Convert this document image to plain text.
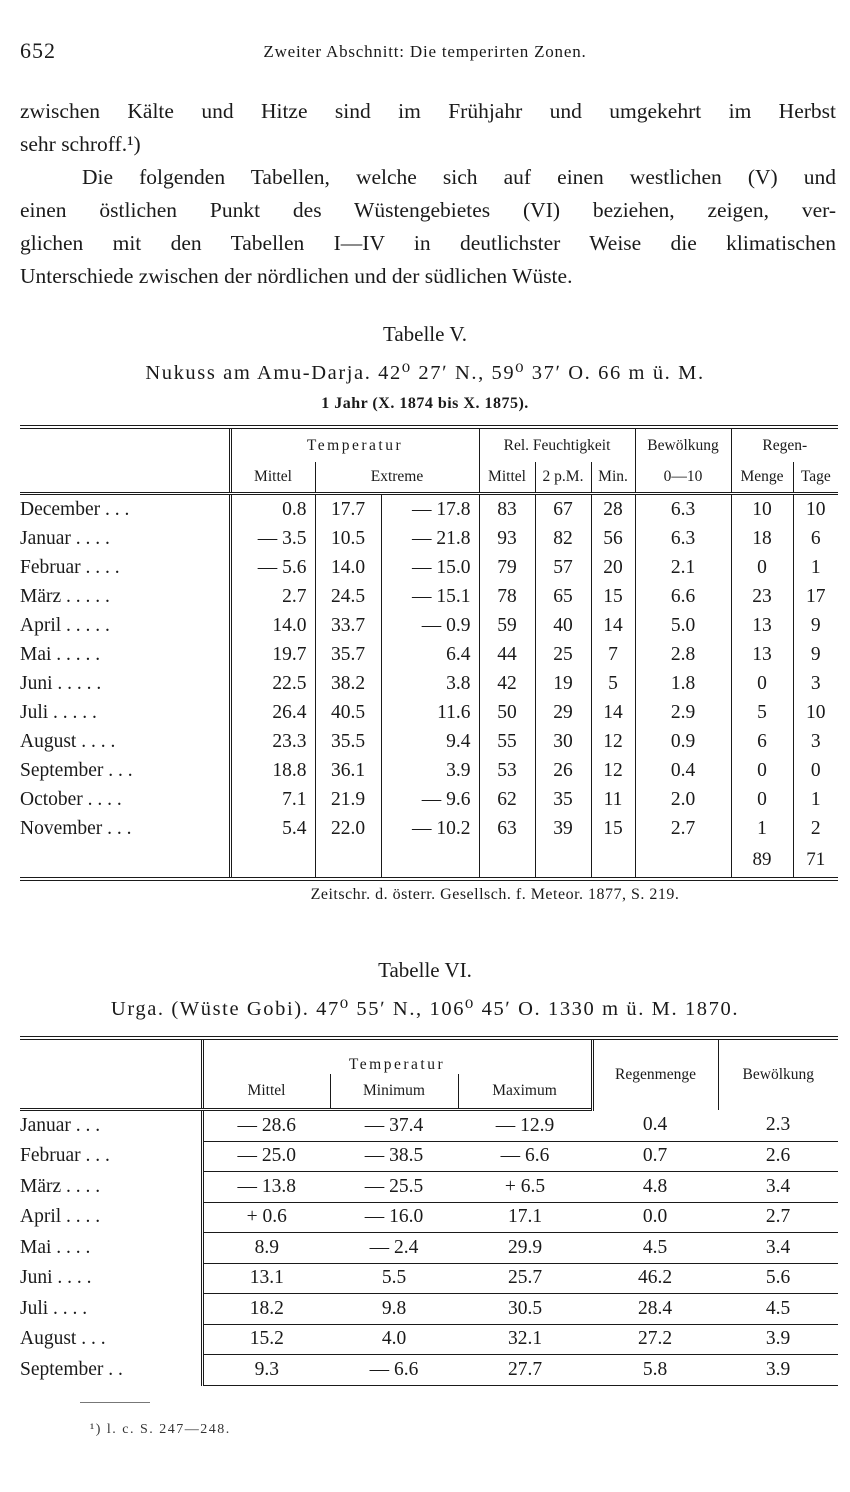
652	Zweiter Abschnitt: Die temperirten Zonen.
zwischen Kälte und Hitze sind im Frühjahr und umgekehrt im Herbst
sehr schroff.¹)
Die folgenden Tabellen, welche sich auf einen westlichen (V) und
einen östlichen Punkt des Wüstengebietes (VI) beziehen, zeigen, ver-
glichen mit den Tabellen I—IV in deutlichster Weise die klimatischen
Unterschiede zwischen der nördlichen und der südlichen Wüste.
Tabelle V.
Nukuss am Amu-Darja. 42⁰ 27ʹ N., 59⁰ 37ʹ O. 66 m ü. M.
1 Jahr (X. 1874 bis X. 1875).
	Temperatur			Rel. Feuchtigkeit			Bewölkung	Regen-	
	Mittel	Extreme		Mittel	2 p.M.	Min.	0—10	Menge	Tage
December . . .	0.8	17.7	— 17.8	83	67	28	6.3	10	10
Januar . . . .	— 3.5	10.5	— 21.8	93	82	56	6.3	18	6
Februar . . . .	— 5.6	14.0	— 15.0	79	57	20	2.1	0	1
März . . . . .	2.7	24.5	— 15.1	78	65	15	6.6	23	17
April . . . . .	14.0	33.7	— 0.9	59	40	14	5.0	13	9
Mai . . . . .	19.7	35.7	6.4	44	25	7	2.8	13	9
Juni . . . . .	22.5	38.2	3.8	42	19	5	1.8	0	3
Juli . . . . .	26.4	40.5	11.6	50	29	14	2.9	5	10
August . . . .	23.3	35.5	9.4	55	30	12	0.9	6	3
September . . .	18.8	36.1	3.9	53	26	12	0.4	0	0
October . . . .	7.1	21.9	— 9.6	62	35	11	2.0	0	1
November . . .	5.4	22.0	— 10.2	63	39	15	2.7	1	2
								89	71
Zeitschr. d. österr. Gesellsch. f. Meteor. 1877, S. 219.
Tabelle VI.
Urga. (Wüste Gobi). 47⁰ 55ʹ N., 106⁰ 45ʹ O. 1330 m ü. M. 1870.
	Temperatur			Regenmenge	Bewölkung
	Mittel	Minimum	Maximum		
Januar . . .	— 28.6	— 37.4	— 12.9	0.4	2.3
Februar . . .	— 25.0	— 38.5	— 6.6	0.7	2.6
März . . . .	— 13.8	— 25.5	+ 6.5	4.8	3.4
April . . . .	+ 0.6	— 16.0	17.1	0.0	2.7
Mai . . . .	8.9	— 2.4	29.9	4.5	3.4
Juni . . . .	13.1	5.5	25.7	46.2	5.6
Juli . . . .	18.2	9.8	30.5	28.4	4.5
August . . .	15.2	4.0	32.1	27.2	3.9
September . .	9.3	— 6.6	27.7	5.8	3.9
¹) l. c. S. 247—248.
